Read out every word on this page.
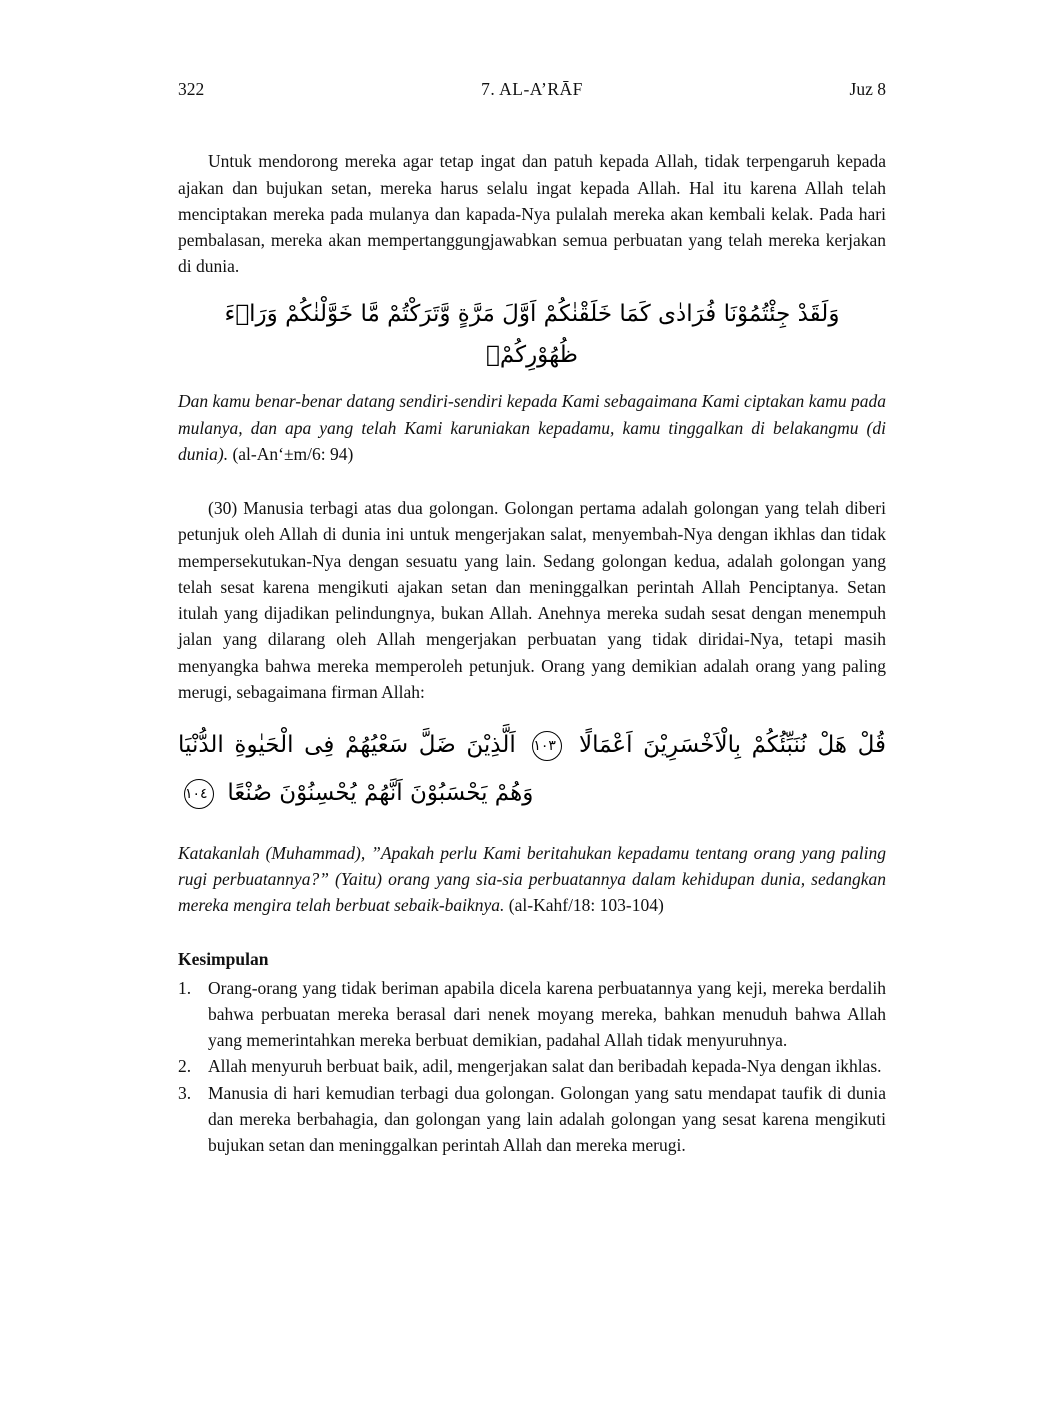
322	7. AL-A’RĀF	Juz 8

Untuk mendorong mereka agar tetap ingat dan patuh kepada Allah, tidak terpengaruh kepada ajakan dan bujukan setan, mereka harus selalu ingat kepada Allah. Hal itu karena Allah telah menciptakan mereka pada mulanya dan kapada-Nya pulalah mereka akan kembali kelak. Pada hari pembalasan, mereka akan mempertanggungjawabkan semua perbuatan yang telah mereka kerjakan di dunia.

وَلَقَدْ جِئْتُمُوْنَا فُرَادٰى كَمَا خَلَقْنٰكُمْ اَوَّلَ مَرَّةٍ وَّتَرَكْتُمْ مَّا خَوَّلْنٰكُمْ وَرَاۤءَ ظُهُوْرِكُمْۚ

Dan kamu benar-benar datang sendiri-sendiri kepada Kami sebagaimana Kami ciptakan kamu pada mulanya, dan apa yang telah Kami karuniakan kepadamu, kamu tinggalkan di belakangmu (di dunia). (al-An‘±m/6: 94)

(30) Manusia terbagi atas dua golongan. Golongan pertama adalah golongan yang telah diberi petunjuk oleh Allah di dunia ini untuk mengerjakan salat, menyembah-Nya dengan ikhlas dan tidak mempersekutukan-Nya dengan sesuatu yang lain. Sedang golongan kedua, adalah golongan yang telah sesat karena mengikuti ajakan setan dan meninggalkan perintah Allah Penciptanya. Setan itulah yang dijadikan pelindungnya, bukan Allah. Anehnya mereka sudah sesat dengan menempuh jalan yang dilarang oleh Allah mengerjakan perbuatan yang tidak diridai-Nya, tetapi masih menyangka bahwa mereka memperoleh petunjuk. Orang yang demikian adalah orang yang paling merugi, sebagaimana firman Allah:

قُلْ هَلْ نُنَبِّئُكُمْ بِالْاَخْسَرِيْنَ اَعْمَالًا ١٠٣ اَلَّذِيْنَ ضَلَّ سَعْيُهُمْ فِى الْحَيٰوةِ الدُّنْيَا وَهُمْ يَحْسَبُوْنَ اَنَّهُمْ يُحْسِنُوْنَ صُنْعًا ١٠٤

Katakanlah (Muhammad), ”Apakah perlu Kami beritahukan kepadamu tentang orang yang paling rugi perbuatannya?” (Yaitu) orang yang sia-sia perbuatannya dalam kehidupan dunia, sedangkan mereka mengira telah berbuat sebaik-baiknya. (al-Kahf/18: 103-104)

Kesimpulan

1. Orang-orang yang tidak beriman apabila dicela karena perbuatannya yang keji, mereka berdalih bahwa perbuatan mereka berasal dari nenek moyang mereka, bahkan menuduh bahwa Allah yang memerintahkan mereka berbuat demikian, padahal Allah tidak menyuruhnya.
2. Allah menyuruh berbuat baik, adil, mengerjakan salat dan beribadah kepada-Nya dengan ikhlas.
3. Manusia di hari kemudian terbagi dua golongan. Golongan yang satu mendapat taufik di dunia dan mereka berbahagia, dan golongan yang lain adalah golongan yang sesat karena mengikuti bujukan setan dan meninggalkan perintah Allah dan mereka merugi.
